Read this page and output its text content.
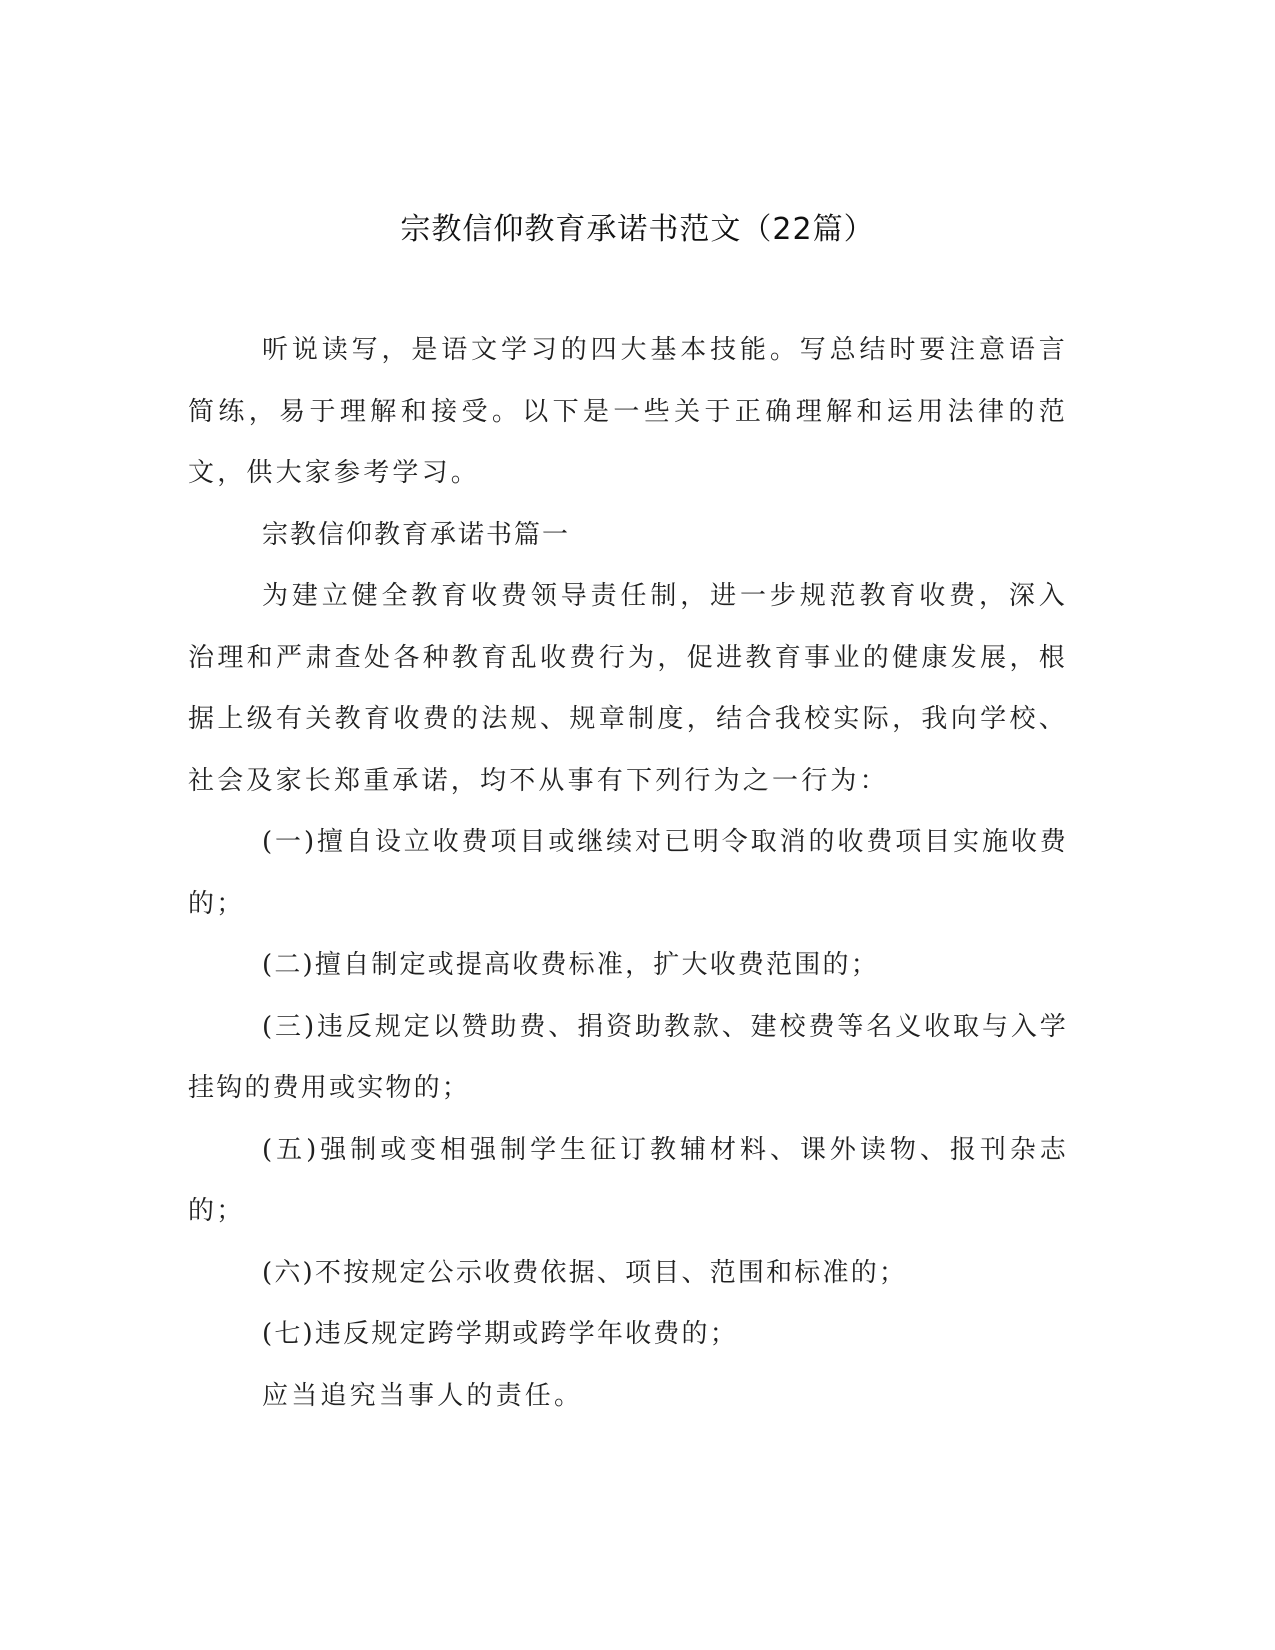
宗教信仰教育承诺书范文（22篇）

听说读写，是语文学习的四大基本技能。写总结时要注意语言简练，易于理解和接受。以下是一些关于正确理解和运用法律的范文，供大家参考学习。

宗教信仰教育承诺书篇一

为建立健全教育收费领导责任制，进一步规范教育收费，深入治理和严肃查处各种教育乱收费行为，促进教育事业的健康发展，根据上级有关教育收费的法规、规章制度，结合我校实际，我向学校、社会及家长郑重承诺，均不从事有下列行为之一行为：

(一)擅自设立收费项目或继续对已明令取消的收费项目实施收费的；

(二)擅自制定或提高收费标准，扩大收费范围的；

(三)违反规定以赞助费、捐资助教款、建校费等名义收取与入学挂钩的费用或实物的；

(五)强制或变相强制学生征订教辅材料、课外读物、报刊杂志的；

(六)不按规定公示收费依据、项目、范围和标准的；

(七)违反规定跨学期或跨学年收费的；

应当追究当事人的责任。
